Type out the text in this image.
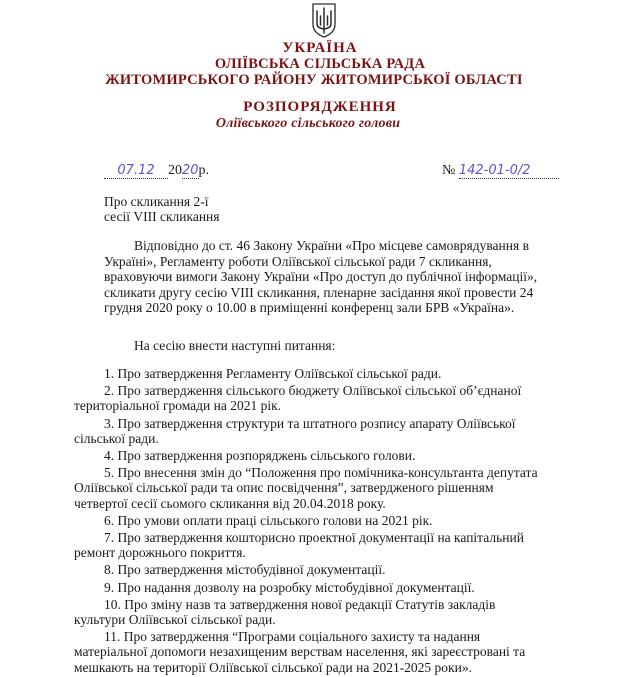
УКРАЇНА
ОЛІЇВСЬКА СІЛЬСЬКА РАДА
ЖИТОМИРСЬКОГО РАЙОНУ ЖИТОМИРСЬКОЇ ОБЛАСТІ
РОЗПОРЯДЖЕННЯ
Оліївського сільського голови
07.12 2020р.	№ 142-01-0/2
Про скликання 2-ї
сесії VIII скликання
Відповідно до ст. 46 Закону України «Про місцеве самоврядування в
Україні», Регламенту роботи Оліївської сільської ради 7 скликання,
враховуючи вимоги Закону України «Про доступ до публічної інформації»,
скликати другу сесію VIII скликання, пленарне засідання якої провести 24
грудня 2020 року о 10.00 в приміщенні конференц зали БРВ «Україна».
На сесію внести наступні питання:
1. Про затвердження Регламенту Оліївської сільської ради.
2. Про затвердження сільського бюджету Оліївської сільської об’єднаної
територіальної громади на 2021 рік.
3. Про затвердження структури та штатного розпису апарату Оліївської
сільської ради.
4. Про затвердження розпоряджень сільського голови.
5. Про внесення змін до “Положення про помічника-консультанта депутата
Оліївської сільської ради та опис посвідчення”, затвердженого рішенням
четвертої сесії сьомого скликання від 20.04.2018 року.
6. Про умови оплати праці сільського голови на 2021 рік.
7. Про затвердження кошторисно проектної документації на капітальний
ремонт дорожнього покриття.
8. Про затвердження містобудівної документації.
9. Про надання дозволу на розробку містобудівної документації.
10. Про зміну назв та затвердження нової редакції Статутів закладів
культури Оліївської сільської ради.
11. Про затвердження “Програми соціального захисту та надання
матеріальної допомоги незахищеним верствам населення, які зареєстровані та
мешкають на території Оліївської сільської ради на 2021-2025 роки».
